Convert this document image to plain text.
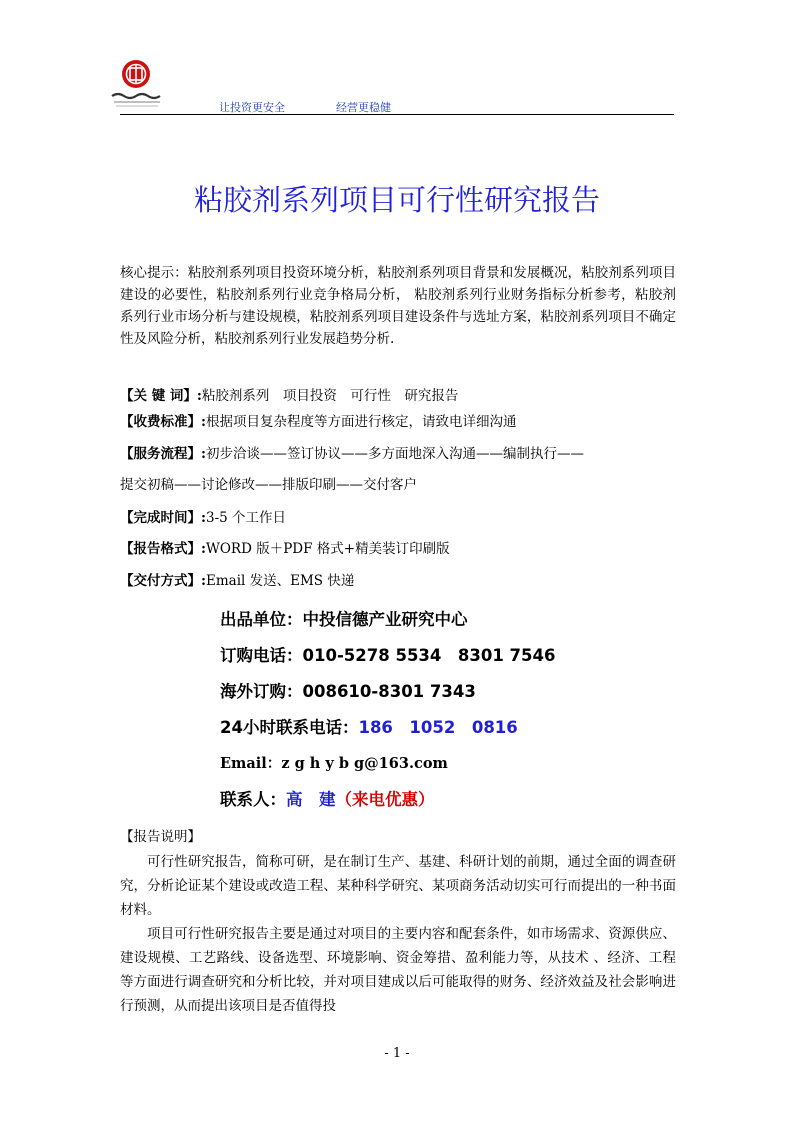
让投资更安全	经营更稳健
粘胶剂系列项目可行性研究报告
核心提示：粘胶剂系列项目投资环境分析，粘胶剂系列项目背景和发展概况，粘胶剂系列项目建设的必要性，粘胶剂系列行业竞争格局分析， 粘胶剂系列行业财务指标分析参考，粘胶剂系列行业市场分析与建设规模，粘胶剂系列项目建设条件与选址方案，粘胶剂系列项目不确定性及风险分析，粘胶剂系列行业发展趋势分析.
【关 键 词】:粘胶剂系列　项目投资　可行性　研究报告
【收费标准】:根据项目复杂程度等方面进行核定，请致电详细沟通
【服务流程】:初步洽谈——签订协议——多方面地深入沟通——编制执行——
提交初稿——讨论修改——排版印刷——交付客户
【完成时间】:3-5 个工作日
【报告格式】:WORD 版＋PDF 格式+精美装订印刷版
【交付方式】:Email 发送、EMS 快递
出品单位：中投信德产业研究中心
订购电话：010-5278 5534　8301 7546
海外订购：008610-8301 7343
24小时联系电话：186　1052　0816
Email：z g h y b g@163.com
联系人：高　建（来电优惠）
【报告说明】
可行性研究报告，简称可研，是在制订生产、基建、科研计划的前期，通过全面的调查研究，分析论证某个建设或改造工程、某种科学研究、某项商务活动切实可行而提出的一种书面材料。
项目可行性研究报告主要是通过对项目的主要内容和配套条件，如市场需求、资源供应、建设规模、工艺路线、设备选型、环境影响、资金筹措、盈利能力等，从技术 、经济、工程等方面进行调查研究和分析比较，并对项目建成以后可能取得的财务、经济效益及社会影响进行预测，从而提出该项目是否值得投
- 1 -
